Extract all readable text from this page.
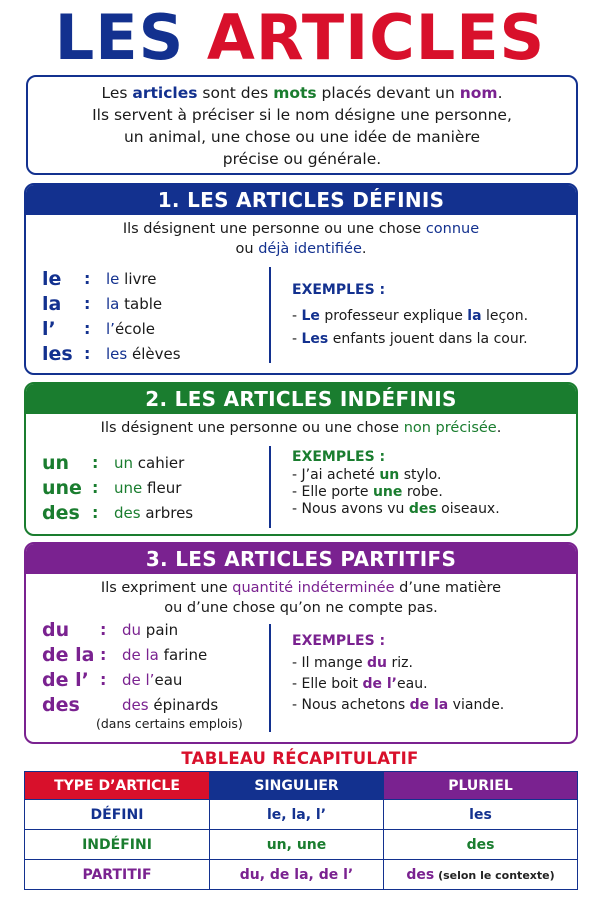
LES ARTICLES
Les articles sont des mots placés devant un nom.
Ils servent à préciser si le nom désigne une personne,
un animal, une chose ou une idée de manière
précise ou générale.
1. LES ARTICLES DÉFINIS
Ils désignent une personne ou une chose connue
ou déjà identifiée.
le	:	le livre
la	:	la table
l’	:	l’école
les :	les élèves
EXEMPLES :
- Le professeur explique la leçon.
- Les enfants jouent dans la cour.
2. LES ARTICLES INDÉFINIS
Ils désignent une personne ou une chose non précisée.
un	:	un cahier
une :	une fleur
des :	des arbres
EXEMPLES :
- J’ai acheté un stylo.
- Elle porte une robe.
- Nous avons vu des oiseaux.
3. LES ARTICLES PARTITIFS
Ils expriment une quantité indéterminée d’une matière
ou d’une chose qu’on ne compte pas.
du	:	du pain
de la :	de la farine
de l’ :	de l’eau
des	des épinards
(dans certains emplois)
EXEMPLES :
- Il mange du riz.
- Elle boit de l’eau.
- Nous achetons de la viande.
TABLEAU RÉCAPITULATIF
TYPE D’ARTICLE	SINGULIER	PLURIEL
DÉFINI	le, la, l’	les
INDÉFINI	un, une	des
PARTITIF	du, de la, de l’	des (selon le contexte)
